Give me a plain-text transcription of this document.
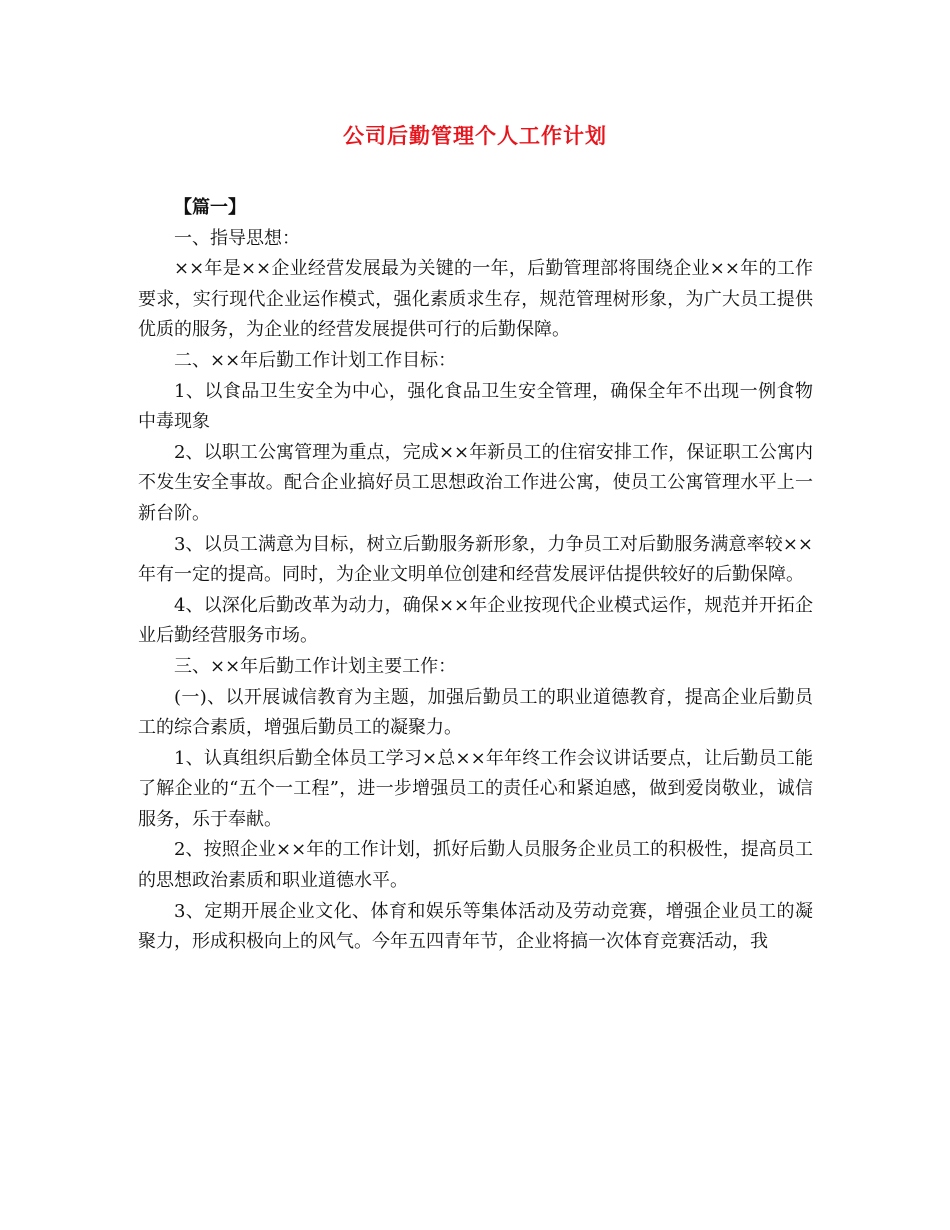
公司后勤管理个人工作计划

【篇一】

一、指导思想：

××年是××企业经营发展最为关键的一年，后勤管理部将围绕企业××年的工作要求，实行现代企业运作模式，强化素质求生存，规范管理树形象，为广大员工提供优质的服务，为企业的经营发展提供可行的后勤保障。

二、××年后勤工作计划工作目标：

1、以食品卫生安全为中心，强化食品卫生安全管理，确保全年不出现一例食物中毒现象

2、以职工公寓管理为重点，完成××年新员工的住宿安排工作，保证职工公寓内不发生安全事故。配合企业搞好员工思想政治工作进公寓，使员工公寓管理水平上一新台阶。

3、以员工满意为目标，树立后勤服务新形象，力争员工对后勤服务满意率较××年有一定的提高。同时，为企业文明单位创建和经营发展评估提供较好的后勤保障。

4、以深化后勤改革为动力，确保××年企业按现代企业模式运作，规范并开拓企业后勤经营服务市场。

三、××年后勤工作计划主要工作：

(一)、以开展诚信教育为主题，加强后勤员工的职业道德教育，提高企业后勤员工的综合素质，增强后勤员工的凝聚力。

1、认真组织后勤全体员工学习×总××年年终工作会议讲话要点，让后勤员工能了解企业的“五个一工程”，进一步增强员工的责任心和紧迫感，做到爱岗敬业，诚信服务，乐于奉献。

2、按照企业××年的工作计划，抓好后勤人员服务企业员工的积极性，提高员工的思想政治素质和职业道德水平。

3、定期开展企业文化、体育和娱乐等集体活动及劳动竞赛，增强企业员工的凝聚力，形成积极向上的风气。今年五四青年节，企业将搞一次体育竞赛活动，我
